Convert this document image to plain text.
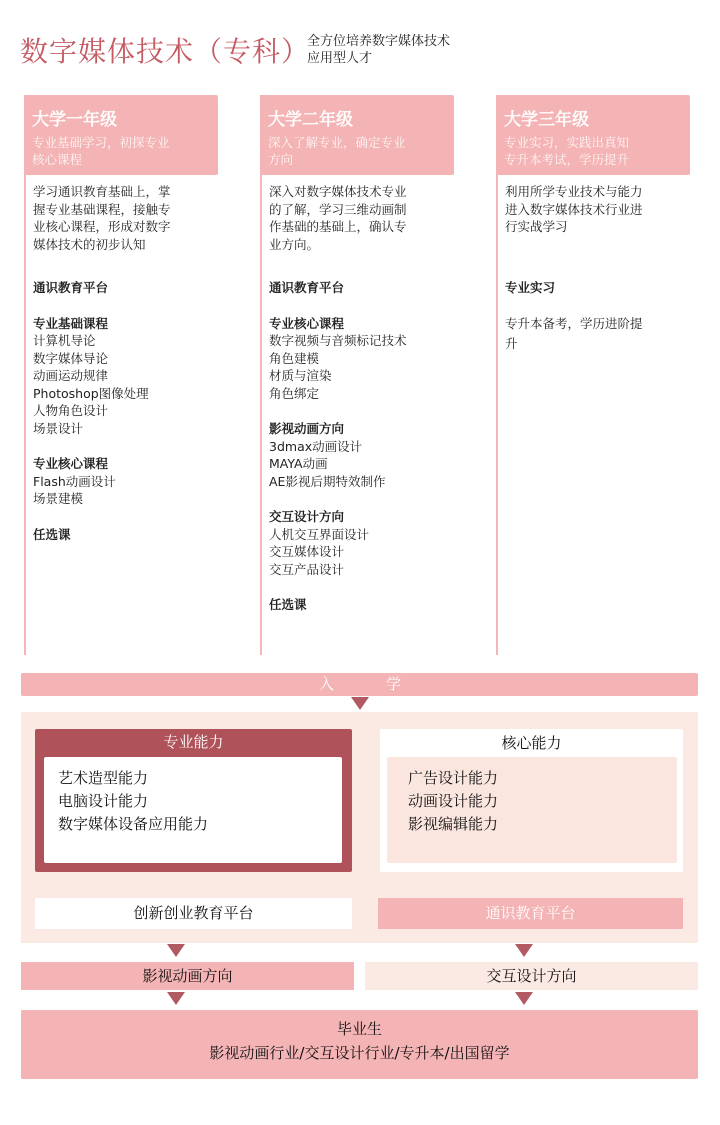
数字媒体技术（专科）
全方位培养数字媒体技术
应用型人才
大学一年级
专业基础学习，初探专业
核心课程
学习通识教育基础上，掌
握专业基础课程，接触专
业核心课程，形成对数字
媒体技术的初步认知
通识教育平台
专业基础课程
计算机导论
数字媒体导论
动画运动规律
Photoshop图像处理
人物角色设计
场景设计
专业核心课程
Flash动画设计
场景建模
任选课
大学二年级
深入了解专业，确定专业
方向
深入对数字媒体技术专业
的了解，学习三维动画制
作基础的基础上，确认专
业方向。
通识教育平台
专业核心课程
数字视频与音频标记技术
角色建模
材质与渲染
角色绑定
影视动画方向
3dmax动画设计
MAYA动画
AE影视后期特效制作
交互设计方向
人机交互界面设计
交互媒体设计
交互产品设计
任选课
大学三年级
专业实习，实践出真知
专升本考试，学历提升
利用所学专业技术与能力
进入数字媒体技术行业进
行实战学习
专业实习
专升本备考，学历进阶提
升
入学
专业能力
艺术造型能力
电脑设计能力
数字媒体设备应用能力
核心能力
广告设计能力
动画设计能力
影视编辑能力
创新创业教育平台	通识教育平台
影视动画方向	交互设计方向
毕业生
影视动画行业/交互设计行业/专升本/出国留学
